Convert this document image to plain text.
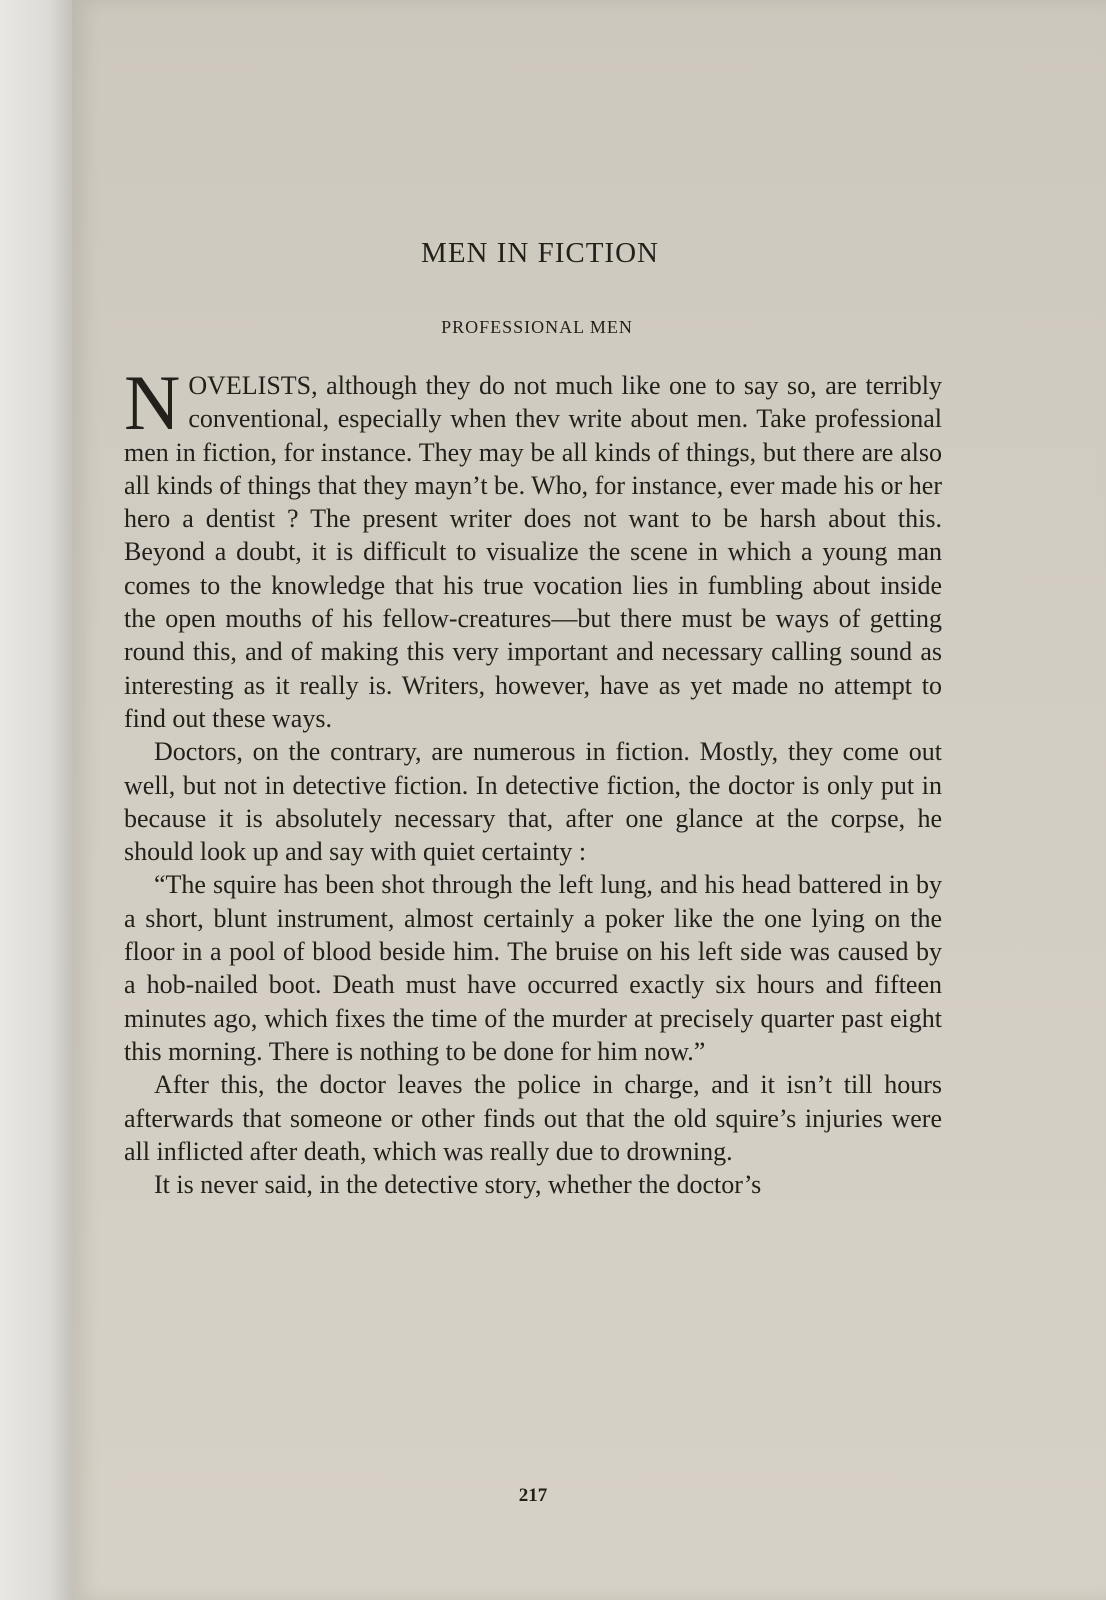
MEN IN FICTION
PROFESSIONAL MEN

NOVELISTS, although they do not much like one to say so, are terribly conventional, especially when thev write about men. Take professional men in fiction, for instance. They may be all kinds of things, but there are also all kinds of things that they mayn’t be. Who, for instance, ever made his or her hero a dentist ? The present writer does not want to be harsh about this. Beyond a doubt, it is difficult to visualize the scene in which a young man comes to the knowledge that his true vocation lies in fumbling about inside the open mouths of his fellow-creatures—but there must be ways of getting round this, and of making this very important and necessary calling sound as interesting as it really is. Writers, however, have as yet made no attempt to find out these ways.

Doctors, on the contrary, are numerous in fiction. Mostly, they come out well, but not in detective fiction. In detective fiction, the doctor is only put in because it is absolutely necessary that, after one glance at the corpse, he should look up and say with quiet certainty :

“The squire has been shot through the left lung, and his head battered in by a short, blunt instrument, almost certainly a poker like the one lying on the floor in a pool of blood beside him. The bruise on his left side was caused by a hob-nailed boot. Death must have occurred exactly six hours and fifteen minutes ago, which fixes the time of the murder at precisely quarter past eight this morning. There is nothing to be done for him now.”

After this, the doctor leaves the police in charge, and it isn’t till hours afterwards that someone or other finds out that the old squire’s injuries were all inflicted after death, which was really due to drowning.

It is never said, in the detective story, whether the doctor’s

217
